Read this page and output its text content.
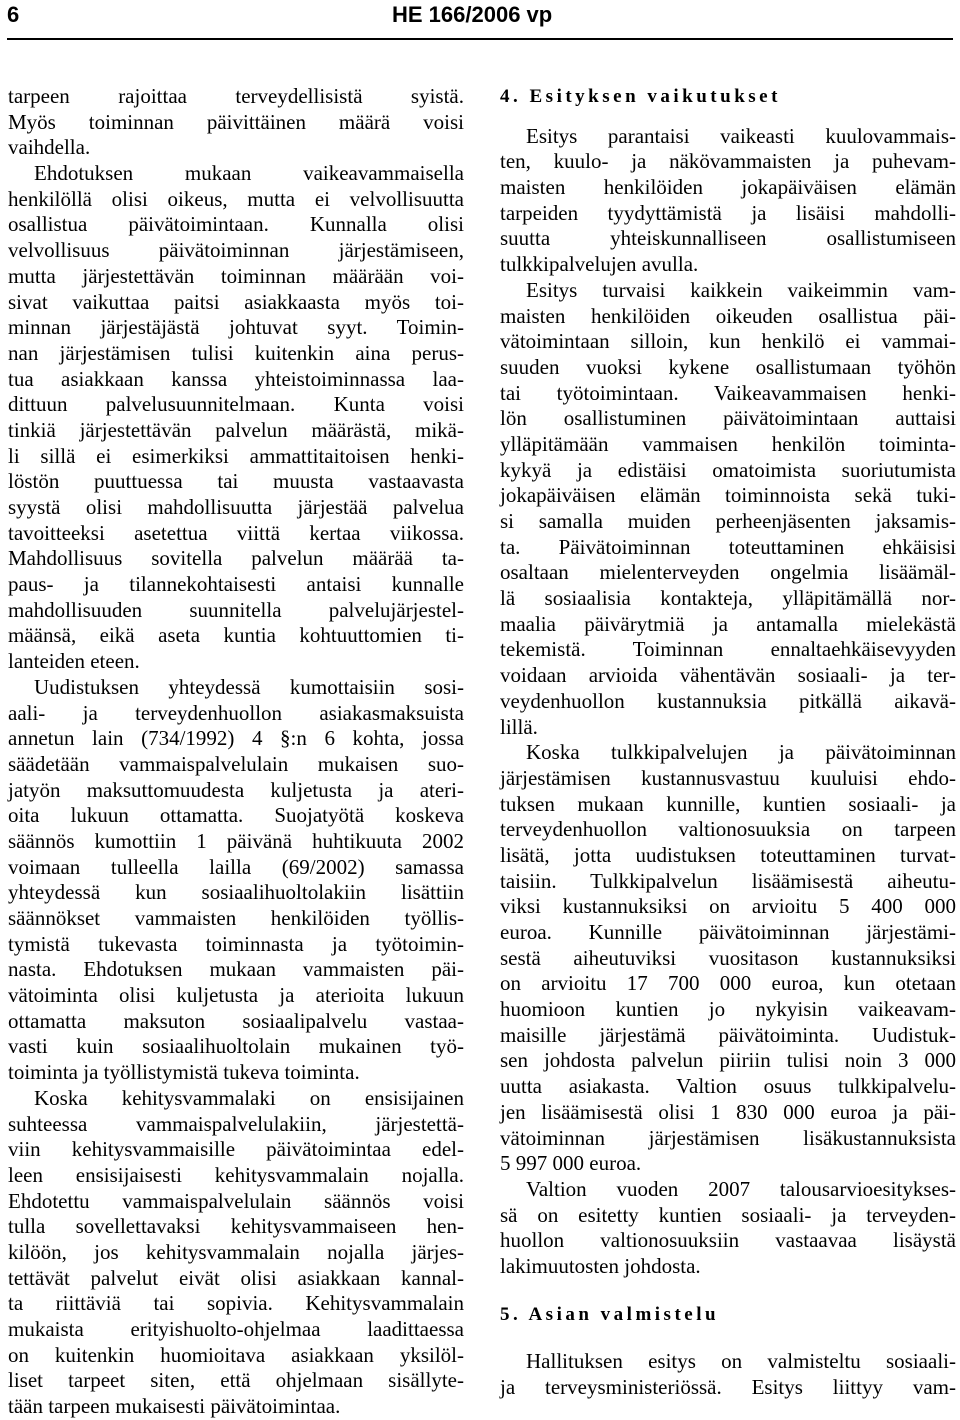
6	HE 166/2006 vp
tarpeen rajoittaa terveydellisistä syistä.
Myös toiminnan päivittäinen määrä voisi
vaihdella.
Ehdotuksen mukaan vaikeavammaisella
henkilöllä olisi oikeus, mutta ei velvollisuutta
osallistua päivätoimintaan. Kunnalla olisi
velvollisuus päivätoiminnan järjestämiseen,
mutta järjestettävän toiminnan määrään voi-
sivat vaikuttaa paitsi asiakkaasta myös toi-
minnan järjestäjästä johtuvat syyt. Toimin-
nan järjestämisen tulisi kuitenkin aina perus-
tua asiakkaan kanssa yhteistoiminnassa laa-
dittuun palvelusuunnitelmaan. Kunta voisi
tinkiä järjestettävän palvelun määrästä, mikä-
li sillä ei esimerkiksi ammattitaitoisen henki-
löstön puuttuessa tai muusta vastaavasta
syystä olisi mahdollisuutta järjestää palvelua
tavoitteeksi asetettua viittä kertaa viikossa.
Mahdollisuus sovitella palvelun määrää ta-
paus- ja tilannekohtaisesti antaisi kunnalle
mahdollisuuden suunnitella palvelujärjestel-
määnsä, eikä aseta kuntia kohtuuttomien ti-
lanteiden eteen.
Uudistuksen yhteydessä kumottaisiin sosi-
aali- ja terveydenhuollon asiakasmaksuista
annetun lain (734/1992) 4 §:n 6 kohta, jossa
säädetään vammaispalvelulain mukaisen suo-
jatyön maksuttomuudesta kuljetusta ja ateri-
oita lukuun ottamatta. Suojatyötä koskeva
säännös kumottiin 1 päivänä huhtikuuta 2002
voimaan tulleella lailla (69/2002) samassa
yhteydessä kun sosiaalihuoltolakiin lisättiin
säännökset vammaisten henkilöiden työllis-
tymistä tukevasta toiminnasta ja työtoimin-
nasta. Ehdotuksen mukaan vammaisten päi-
vätoiminta olisi kuljetusta ja aterioita lukuun
ottamatta maksuton sosiaalipalvelu vastaa-
vasti kuin sosiaalihuoltolain mukainen työ-
toiminta ja työllistymistä tukeva toiminta.
Koska kehitysvammalaki on ensisijainen
suhteessa vammaispalvelulakiin, järjestettä-
viin kehitysvammaisille päivätoimintaa edel-
leen ensisijaisesti kehitysvammalain nojalla.
Ehdotettu vammaispalvelulain säännös voisi
tulla sovellettavaksi kehitysvammaiseen hen-
kilöön, jos kehitysvammalain nojalla järjes-
tettävät palvelut eivät olisi asiakkaan kannal-
ta riittäviä tai sopivia. Kehitysvammalain
mukaista erityishuolto-ohjelmaa laadittaessa
on kuitenkin huomioitava asiakkaan yksilöl-
liset tarpeet siten, että ohjelmaan sisällyte-
tään tarpeen mukaisesti päivätoimintaa.
4. Esityksen vaikutukset
Esitys parantaisi vaikeasti kuulovammais-
ten, kuulo- ja näkövammaisten ja puhevam-
maisten henkilöiden jokapäiväisen elämän
tarpeiden tyydyttämistä ja lisäisi mahdolli-
suutta yhteiskunnalliseen osallistumiseen
tulkkipalvelujen avulla.
Esitys turvaisi kaikkein vaikeimmin vam-
maisten henkilöiden oikeuden osallistua päi-
vätoimintaan silloin, kun henkilö ei vammai-
suuden vuoksi kykene osallistumaan työhön
tai työtoimintaan. Vaikeavammaisen henki-
lön osallistuminen päivätoimintaan auttaisi
ylläpitämään vammaisen henkilön toiminta-
kykyä ja edistäisi omatoimista suoriutumista
jokapäiväisen elämän toiminnoista sekä tuki-
si samalla muiden perheenjäsenten jaksamis-
ta. Päivätoiminnan toteuttaminen ehkäisisi
osaltaan mielenterveyden ongelmia lisäämäl-
lä sosiaalisia kontakteja, ylläpitämällä nor-
maalia päivärytmiä ja antamalla mielekästä
tekemistä. Toiminnan ennaltaehkäisevyyden
voidaan arvioida vähentävän sosiaali- ja ter-
veydenhuollon kustannuksia pitkällä aikavä-
lillä.
Koska tulkkipalvelujen ja päivätoiminnan
järjestämisen kustannusvastuu kuuluisi ehdo-
tuksen mukaan kunnille, kuntien sosiaali- ja
terveydenhuollon valtionosuuksia on tarpeen
lisätä, jotta uudistuksen toteuttaminen turvat-
taisiin. Tulkkipalvelun lisäämisestä aiheutu-
viksi kustannuksiksi on arvioitu 5 400 000
euroa. Kunnille päivätoiminnan järjestämi-
sestä aiheutuviksi vuositason kustannuksiksi
on arvioitu 17 700 000 euroa, kun otetaan
huomioon kuntien jo nykyisin vaikeavam-
maisille järjestämä päivätoiminta. Uudistuk-
sen johdosta palvelun piiriin tulisi noin 3 000
uutta asiakasta. Valtion osuus tulkkipalvelu-
jen lisäämisestä olisi 1 830 000 euroa ja päi-
vätoiminnan järjestämisen lisäkustannuksista
5 997 000 euroa.
Valtion vuoden 2007 talousarvioesitykses-
sä on esitetty kuntien sosiaali- ja terveyden-
huollon valtionosuuksiin vastaavaa lisäystä
lakimuutosten johdosta.
5. Asian valmistelu
Hallituksen esitys on valmisteltu sosiaali-
ja terveysministeriössä. Esitys liittyy vam-
